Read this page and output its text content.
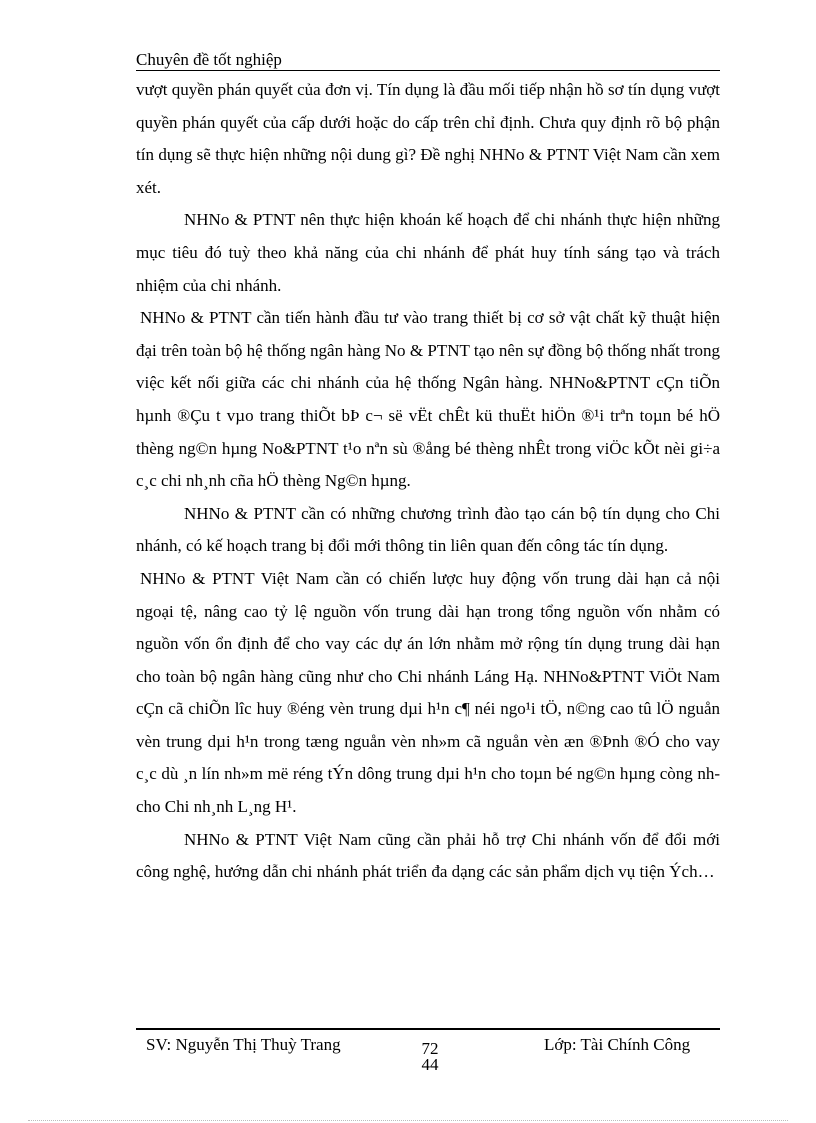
Chuyên đề tốt nghiệp

vượt quyền phán quyết của đơn vị. Tín dụng là đầu mối tiếp nhận hồ sơ tín dụng vượt quyền phán quyết của cấp dưới hoặc do cấp trên chỉ định. Chưa quy định rõ bộ phận tín dụng sẽ thực hiện những nội dung gì? Đề nghị NHNo & PTNT Việt Nam cần xem xét.

NHNo & PTNT nên thực hiện khoán kế hoạch để chi nhánh thực hiện những mục tiêu đó tuỳ theo khả năng của chi nhánh để phát huy tính sáng tạo và trách nhiệm của chi nhánh.

NHNo & PTNT cần tiến hành đầu tư vào trang thiết bị cơ sở vật chất kỹ thuật hiện đại trên toàn bộ hệ thống ngân hàng No & PTNT tạo nên sự đồng bộ thống nhất trong việc kết nối giữa các chi nhánh của hệ thống Ngân hàng. NHNo&PTNT cÇn tiÕn hµnh ®Çu t vµo trang thiÕt bÞ c¬ së vËt chÊt kü thuËt hiÖn ®¹i trªn toµn bé hÖ thèng ng©n hµng No&PTNT t¹o nªn sù ®ång bé thèng nhÊt trong viÖc kÕt nèi gi÷a c¸c chi nh¸nh cña hÖ thèng Ng©n hµng.

NHNo & PTNT cần có những chương trình đào tạo cán bộ tín dụng cho Chi nhánh, có kế hoạch trang bị đổi mới thông tin liên quan đến công tác tín dụng.

NHNo & PTNT Việt Nam cần có chiến lược huy động vốn trung dài hạn cả nội ngoại tệ, nâng cao tỷ lệ nguồn vốn trung dài hạn trong tổng nguồn vốn nhằm có nguồn vốn ổn định để cho vay các dự án lớn nhằm mở rộng tín dụng trung dài hạn cho toàn bộ ngân hàng cũng như cho Chi nhánh Láng Hạ. NHNo&PTNT ViÖt Nam cÇn cã chiÕn lîc huy ®éng vèn trung dµi h¹n c¶ néi ngo¹i tÖ, n©ng cao tû lÖ nguån vèn trung dµi h¹n trong tæng nguån vèn nh»m cã nguån vèn æn ®Þnh ®Ó cho vay c¸c dù ¸n lín nh»m më réng tÝn dông trung dµi h¹n cho toµn bé ng©n hµng còng nh cho Chi nh¸nh L¸ng H¹.

NHNo & PTNT Việt Nam cũng cần phải hỗ trợ Chi nhánh vốn để đổi mới công nghệ, hướng dẫn chi nhánh phát triển đa dạng các sản phẩm dịch vụ tiện Ých…

SV: Nguyễn Thị Thuỳ Trang	72
44
Lớp: Tài Chính Công
